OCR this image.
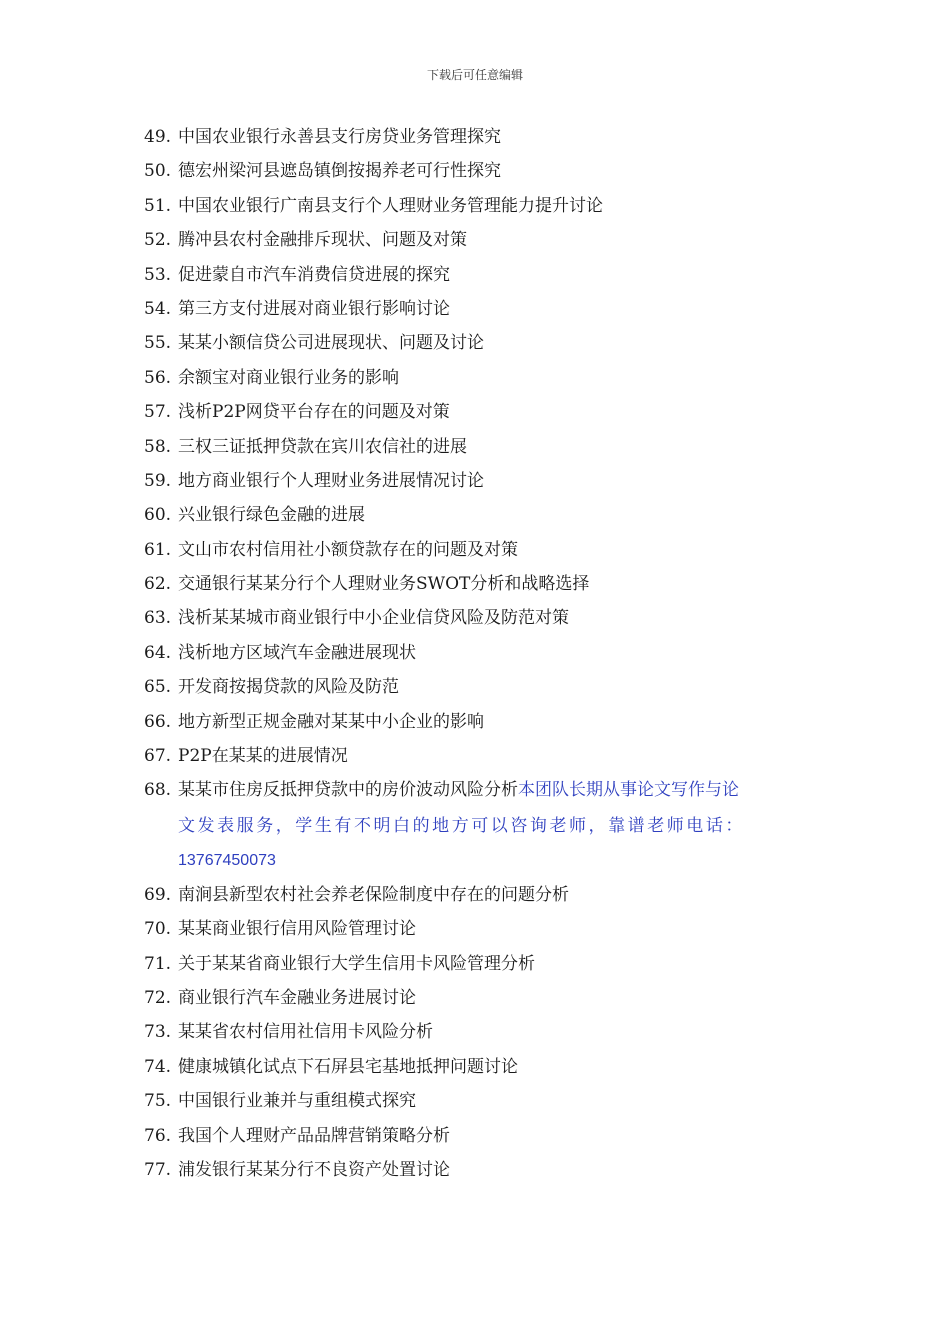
下载后可任意编辑
49. 中国农业银行永善县支行房贷业务管理探究
50. 德宏州梁河县遮岛镇倒按揭养老可行性探究
51. 中国农业银行广南县支行个人理财业务管理能力提升讨论
52. 腾冲县农村金融排斥现状、问题及对策
53. 促进蒙自市汽车消费信贷进展的探究
54. 第三方支付进展对商业银行影响讨论
55. 某某小额信贷公司进展现状、问题及讨论
56. 余额宝对商业银行业务的影响
57. 浅析P2P网贷平台存在的问题及对策
58. 三权三证抵押贷款在宾川农信社的进展
59. 地方商业银行个人理财业务进展情况讨论
60. 兴业银行绿色金融的进展
61. 文山市农村信用社小额贷款存在的问题及对策
62. 交通银行某某分行个人理财业务SWOT分析和战略选择
63. 浅析某某城市商业银行中小企业信贷风险及防范对策
64. 浅析地方区域汽车金融进展现状
65. 开发商按揭贷款的风险及防范
66. 地方新型正规金融对某某中小企业的影响
67. P2P在某某的进展情况
68. 某某市住房反抵押贷款中的房价波动风险分析本团队长期从事论文写作与论
文发表服务，学生有不明白的地方可以咨询老师，靠谱老师电话：
13767450073
69. 南涧县新型农村社会养老保险制度中存在的问题分析
70. 某某商业银行信用风险管理讨论
71. 关于某某省商业银行大学生信用卡风险管理分析
72. 商业银行汽车金融业务进展讨论
73. 某某省农村信用社信用卡风险分析
74. 健康城镇化试点下石屏县宅基地抵押问题讨论
75. 中国银行业兼并与重组模式探究
76. 我国个人理财产品品牌营销策略分析
77. 浦发银行某某分行不良资产处置讨论
